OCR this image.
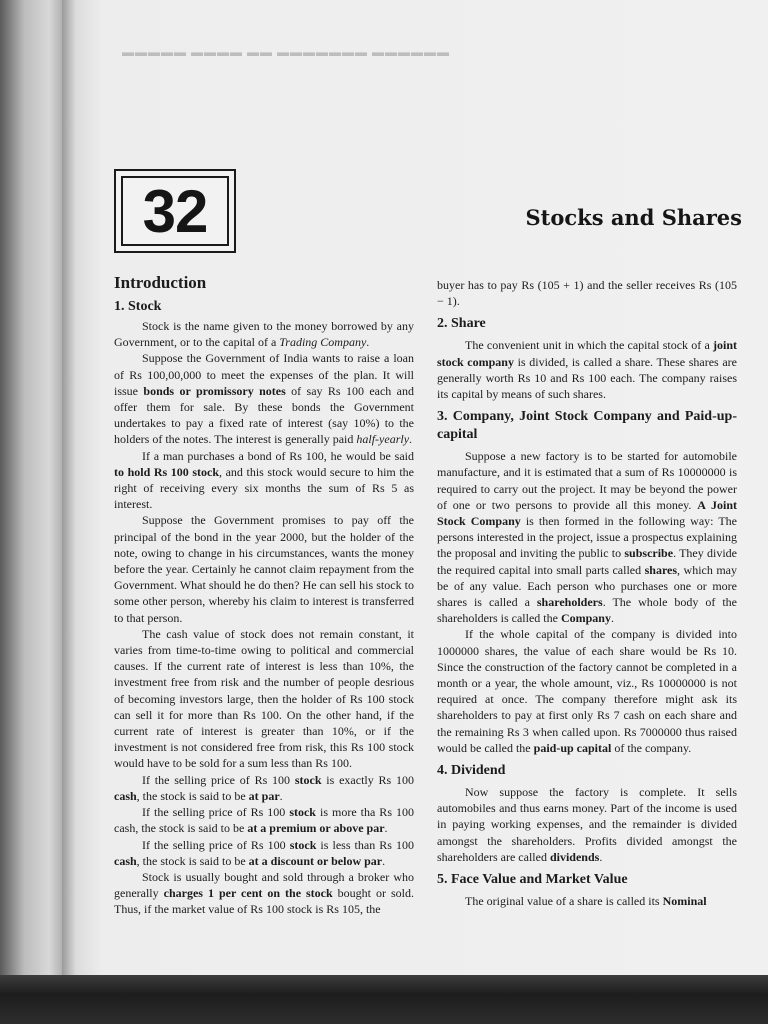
▬▬▬▬▬ ▬▬▬▬ ▬▬ ▬▬▬▬▬▬▬ ▬▬▬▬▬▬
32	Stocks and Shares
Introduction
1. Stock

Stock is the name given to the money borrowed by any Government, or to the capital of a Trading Company.

Suppose the Government of India wants to raise a loan of Rs 100,00,000 to meet the expenses of the plan. It will issue bonds or promissory notes of say Rs 100 each and offer them for sale. By these bonds the Government undertakes to pay a fixed rate of interest (say 10%) to the holders of the notes. The interest is generally paid half-yearly.

If a man purchases a bond of Rs 100, he would be said to hold Rs 100 stock, and this stock would secure to him the right of receiving every six months the sum of Rs 5 as interest.

Suppose the Government promises to pay off the principal of the bond in the year 2000, but the holder of the note, owing to change in his circumstances, wants the money before the year. Certainly he cannot claim repayment from the Government. What should he do then? He can sell his stock to some other person, whereby his claim to interest is transferred to that person.

The cash value of stock does not remain constant, it varies from time-to-time owing to political and commercial causes. If the current rate of interest is less than 10%, the investment free from risk and the number of people desrious of becoming investors large, then the holder of Rs 100 stock can sell it for more than Rs 100. On the other hand, if the current rate of interest is greater than 10%, or if the investment is not considered free from risk, this Rs 100 stock would have to be sold for a sum less than Rs 100.

If the selling price of Rs 100 stock is exactly Rs 100 cash, the stock is said to be at par.

If the selling price of Rs 100 stock is more tha Rs 100 cash, the stock is said to be at a premium or above par.

If the selling price of Rs 100 stock is less than Rs 100 cash, the stock is said to be at a discount or below par.

Stock is usually bought and sold through a broker who generally charges 1 per cent on the stock bought or sold. Thus, if the market value of Rs 100 stock is Rs 105, the

buyer has to pay Rs (105 + 1) and the seller receives Rs (105 − 1).

2. Share

The convenient unit in which the capital stock of a joint stock company is divided, is called a share. These shares are generally worth Rs 10 and Rs 100 each. The company raises its capital by means of such shares.

3. Company, Joint Stock Company and Paid-up-capital

Suppose a new factory is to be started for automobile manufacture, and it is estimated that a sum of Rs 10000000 is required to carry out the project. It may be beyond the power of one or two persons to provide all this money. A Joint Stock Company is then formed in the following way: The persons interested in the project, issue a prospectus explaining the proposal and inviting the public to subscribe. They divide the required capital into small parts called shares, which may be of any value. Each person who purchases one or more shares is called a shareholders. The whole body of the shareholders is called the Company.

If the whole capital of the company is divided into 1000000 shares, the value of each share would be Rs 10. Since the construction of the factory cannot be completed in a month or a year, the whole amount, viz., Rs 10000000 is not required at once. The company therefore might ask its shareholders to pay at first only Rs 7 cash on each share and the remaining Rs 3 when called upon. Rs 7000000 thus raised would be called the paid-up capital of the company.

4. Dividend

Now suppose the factory is complete. It sells automobiles and thus earns money. Part of the income is used in paying working expenses, and the remainder is divided amongst the shareholders. Profits divided amongst the shareholders are called dividends.

5. Face Value and Market Value

The original value of a share is called its Nominal
